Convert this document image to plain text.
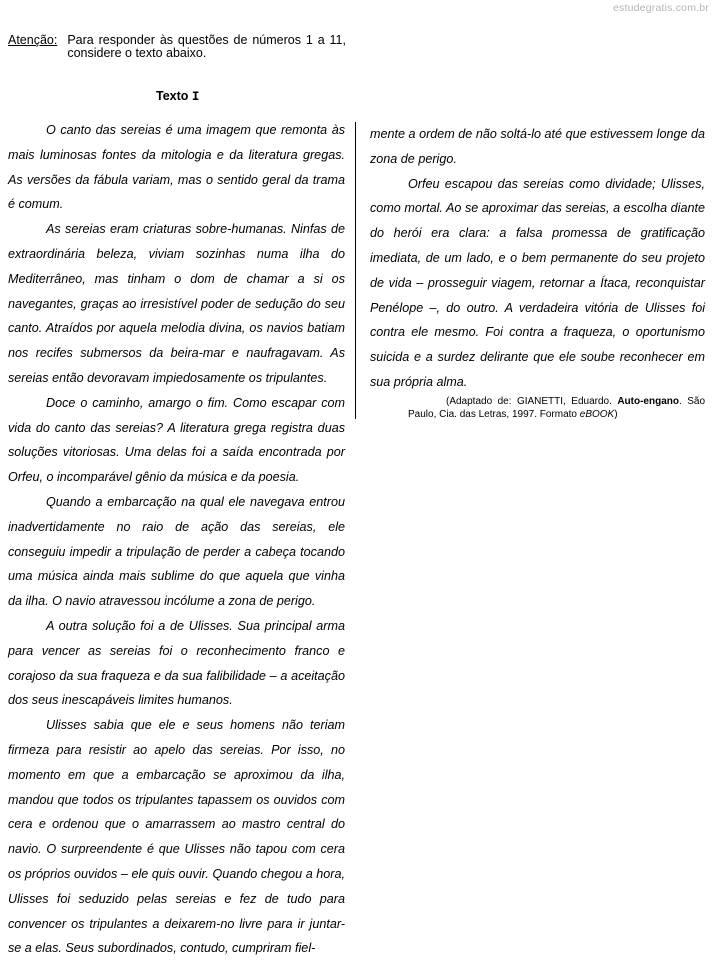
estudegratis.com.br
Atenção: Para responder às questões de números 1 a 11, considere o texto abaixo.
Texto I

O canto das sereias é uma imagem que remonta às mais luminosas fontes da mitologia e da literatura gregas. As versões da fábula variam, mas o sentido geral da trama é comum.

As sereias eram criaturas sobre-humanas. Ninfas de extraordinária beleza, viviam sozinhas numa ilha do Mediterrâneo, mas tinham o dom de chamar a si os navegantes, graças ao irresistível poder de sedução do seu canto. Atraídos por aquela melodia divina, os navios batiam nos recifes submersos da beira-mar e naufragavam. As sereias então devoravam impiedosamente os tripulantes.

Doce o caminho, amargo o fim. Como escapar com vida do canto das sereias? A literatura grega registra duas soluções vitoriosas. Uma delas foi a saída encontrada por Orfeu, o incomparável gênio da música e da poesia.

Quando a embarcação na qual ele navegava entrou inadvertidamente no raio de ação das sereias, ele conseguiu impedir a tripulação de perder a cabeça tocando uma música ainda mais sublime do que aquela que vinha da ilha. O navio atravessou incólume a zona de perigo.

A outra solução foi a de Ulisses. Sua principal arma para vencer as sereias foi o reconhecimento franco e corajoso da sua fraqueza e da sua falibilidade – a aceitação dos seus inescapáveis limites humanos.

Ulisses sabia que ele e seus homens não teriam firmeza para resistir ao apelo das sereias. Por isso, no momento em que a embarcação se aproximou da ilha, mandou que todos os tripulantes tapassem os ouvidos com cera e ordenou que o amarrassem ao mastro central do navio. O surpreendente é que Ulisses não tapou com cera os próprios ouvidos – ele quis ouvir. Quando chegou a hora, Ulisses foi seduzido pelas sereias e fez de tudo para convencer os tripulantes a deixarem-no livre para ir juntar-se a elas. Seus subordinados, contudo, cumpriram fiel-

mente a ordem de não soltá-lo até que estivessem longe da zona de perigo.

Orfeu escapou das sereias como dividade; Ulisses, como mortal. Ao se aproximar das sereias, a escolha diante do herói era clara: a falsa promessa de gratificação imediata, de um lado, e o bem permanente do seu projeto de vida – prosseguir viagem, retornar a Ítaca, reconquistar Penélope –, do outro. A verdadeira vitória de Ulisses foi contra ele mesmo. Foi contra a fraqueza, o oportunismo suicida e a surdez delirante que ele soube reconhecer em sua própria alma.

(Adaptado de: GIANETTI, Eduardo. Auto-engano. São Paulo, Cia. das Letras, 1997. Formato eBOOK)
